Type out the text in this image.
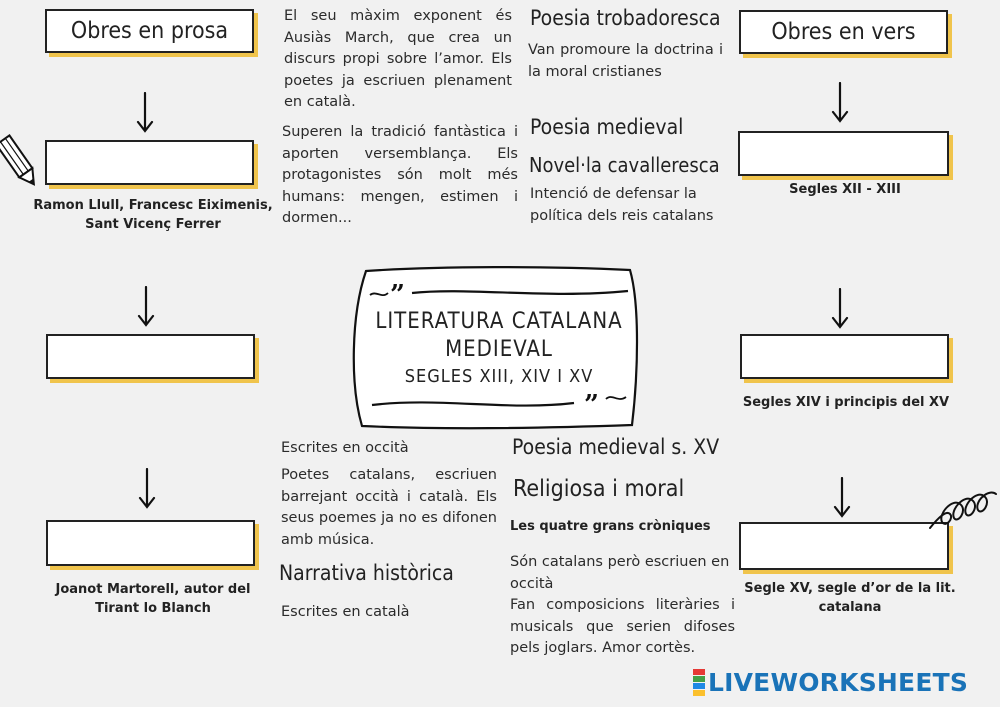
Obres en prosa	Obres en vers
Ramon Llull, Francesc Eiximenis, Sant Vicenç Ferrer
Joanot Martorell, autor del Tirant lo Blanch
Segles XII - XIII
Segles XIV i principis del XV
Segle XV, segle d’or de la lit. catalana
El seu màxim exponent és Ausiàs March, que crea un discurs propi sobre l’amor. Els poetes ja escriuen plenament en català.
Superen la tradició fantàstica i aporten versemblança. Els protagonistes són molt més humans: mengen, estimen i dormen...
Poesia trobadoresca
Van promoure la doctrina i la moral cristianes
Poesia medieval
Novel·la cavalleresca
Intenció de defensar la política dels reis catalans
”
”
LITERATURA CATALANA
MEDIEVAL
SEGLES XIII, XIV I XV
Escrites en occità
Poetes catalans, escriuen barrejant occità i català. Els seus poemes ja no es difonen amb música.
Narrativa històrica
Escrites en català
Poesia medieval s. XV
Religiosa i moral
Les quatre grans cròniques
Són catalans però escriuen en occità
Fan composicions literàries i musicals que serien difoses pels joglars. Amor cortès.
LIVEWORKSHEETS
